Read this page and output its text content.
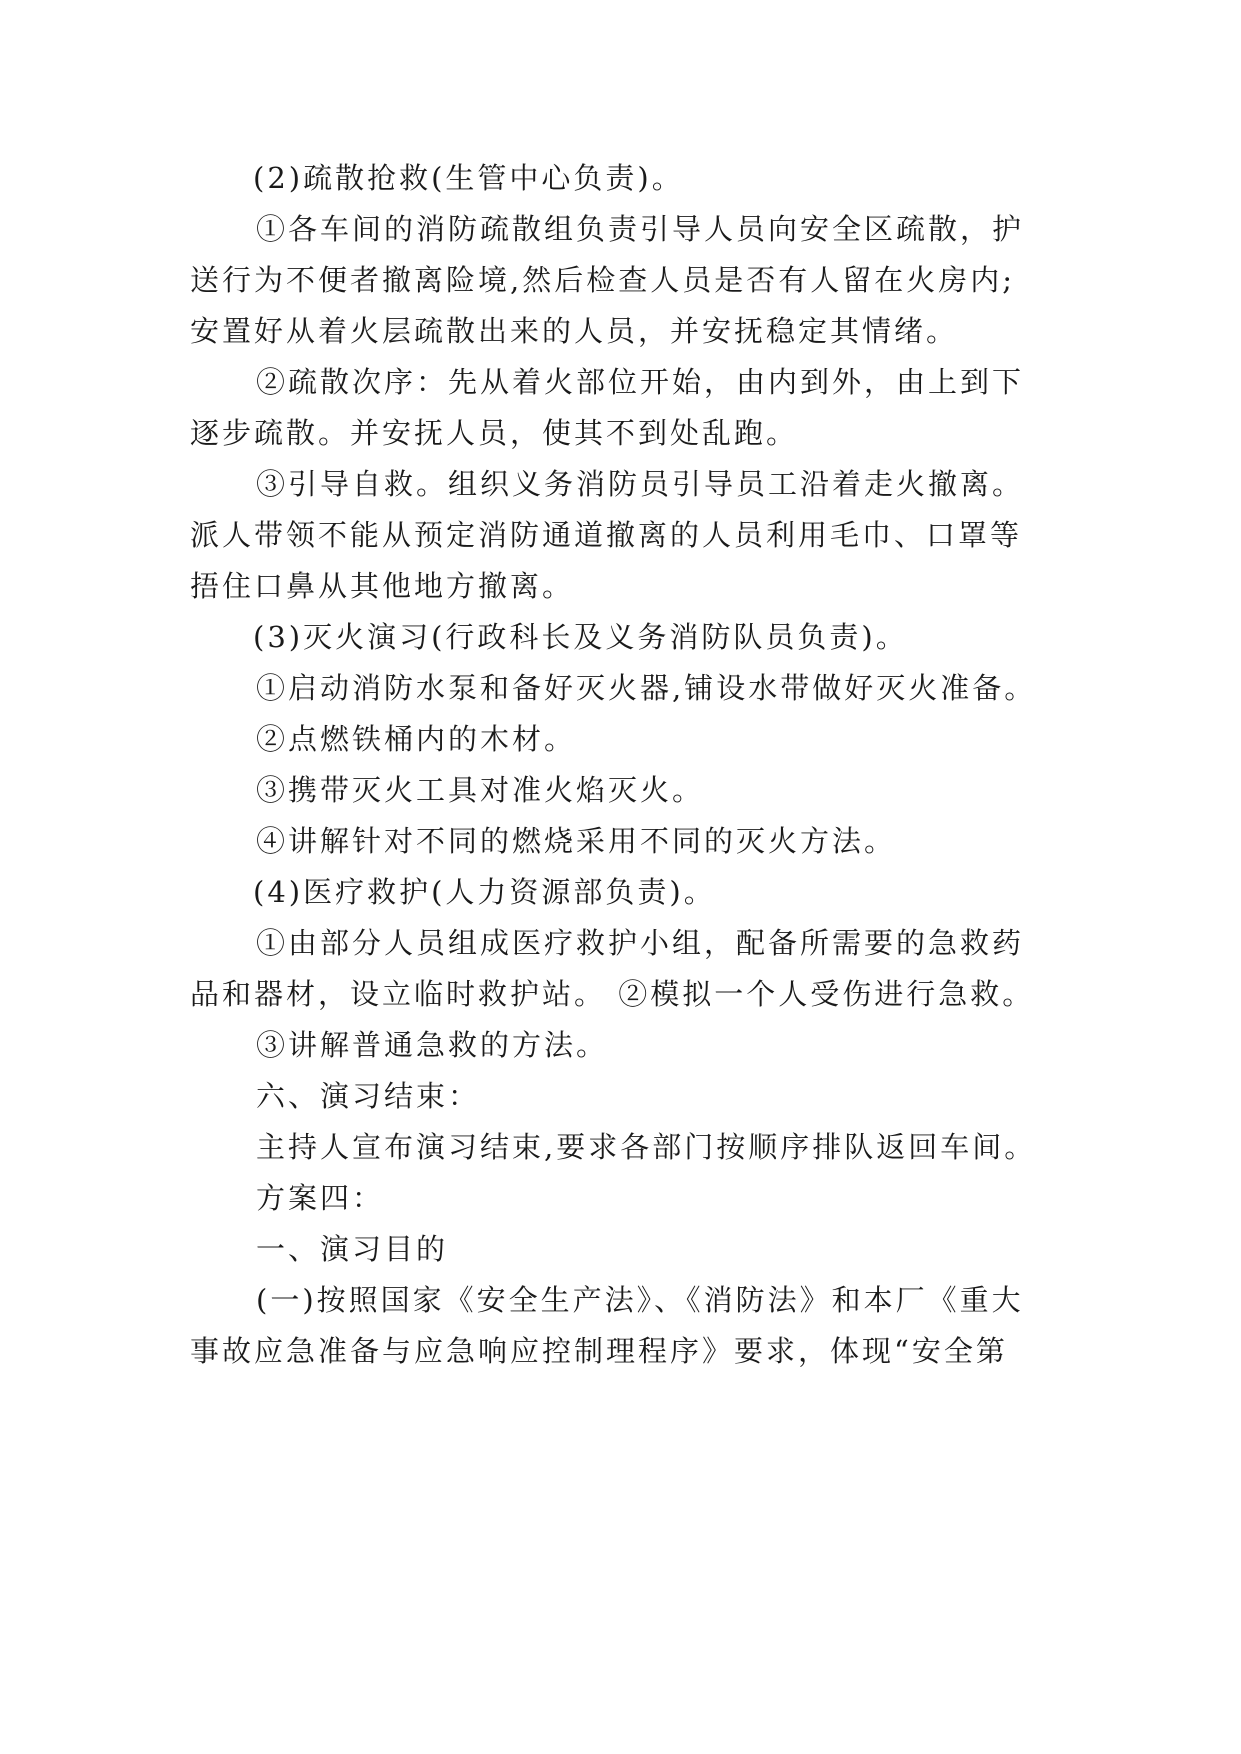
(2)疏散抢救(生管中心负责)。
①各车间的消防疏散组负责引导人员向安全区疏散，护
送行为不便者撤离险境,然后检查人员是否有人留在火房内;
安置好从着火层疏散出来的人员，并安抚稳定其情绪。
②疏散次序：先从着火部位开始，由内到外，由上到下
逐步疏散。并安抚人员，使其不到处乱跑。
③引导自救。组织义务消防员引导员工沿着走火撤离。
派人带领不能从预定消防通道撤离的人员利用毛巾、口罩等
捂住口鼻从其他地方撤离。
(3)灭火演习(行政科长及义务消防队员负责)。
①启动消防水泵和备好灭火器,铺设水带做好灭火准备。
②点燃铁桶内的木材。
③携带灭火工具对准火焰灭火。
④讲解针对不同的燃烧采用不同的灭火方法。
(4)医疗救护(人力资源部负责)。
①由部分人员组成医疗救护小组，配备所需要的急救药
品和器材，设立临时救护站。 ②模拟一个人受伤进行急救。
③讲解普通急救的方法。
六、演习结束：
主持人宣布演习结束,要求各部门按顺序排队返回车间。
方案四：
一、演习目的
(一)按照国家《安全生产法》、《消防法》和本厂《重大
事故应急准备与应急响应控制理程序》要求，体现“安全第
